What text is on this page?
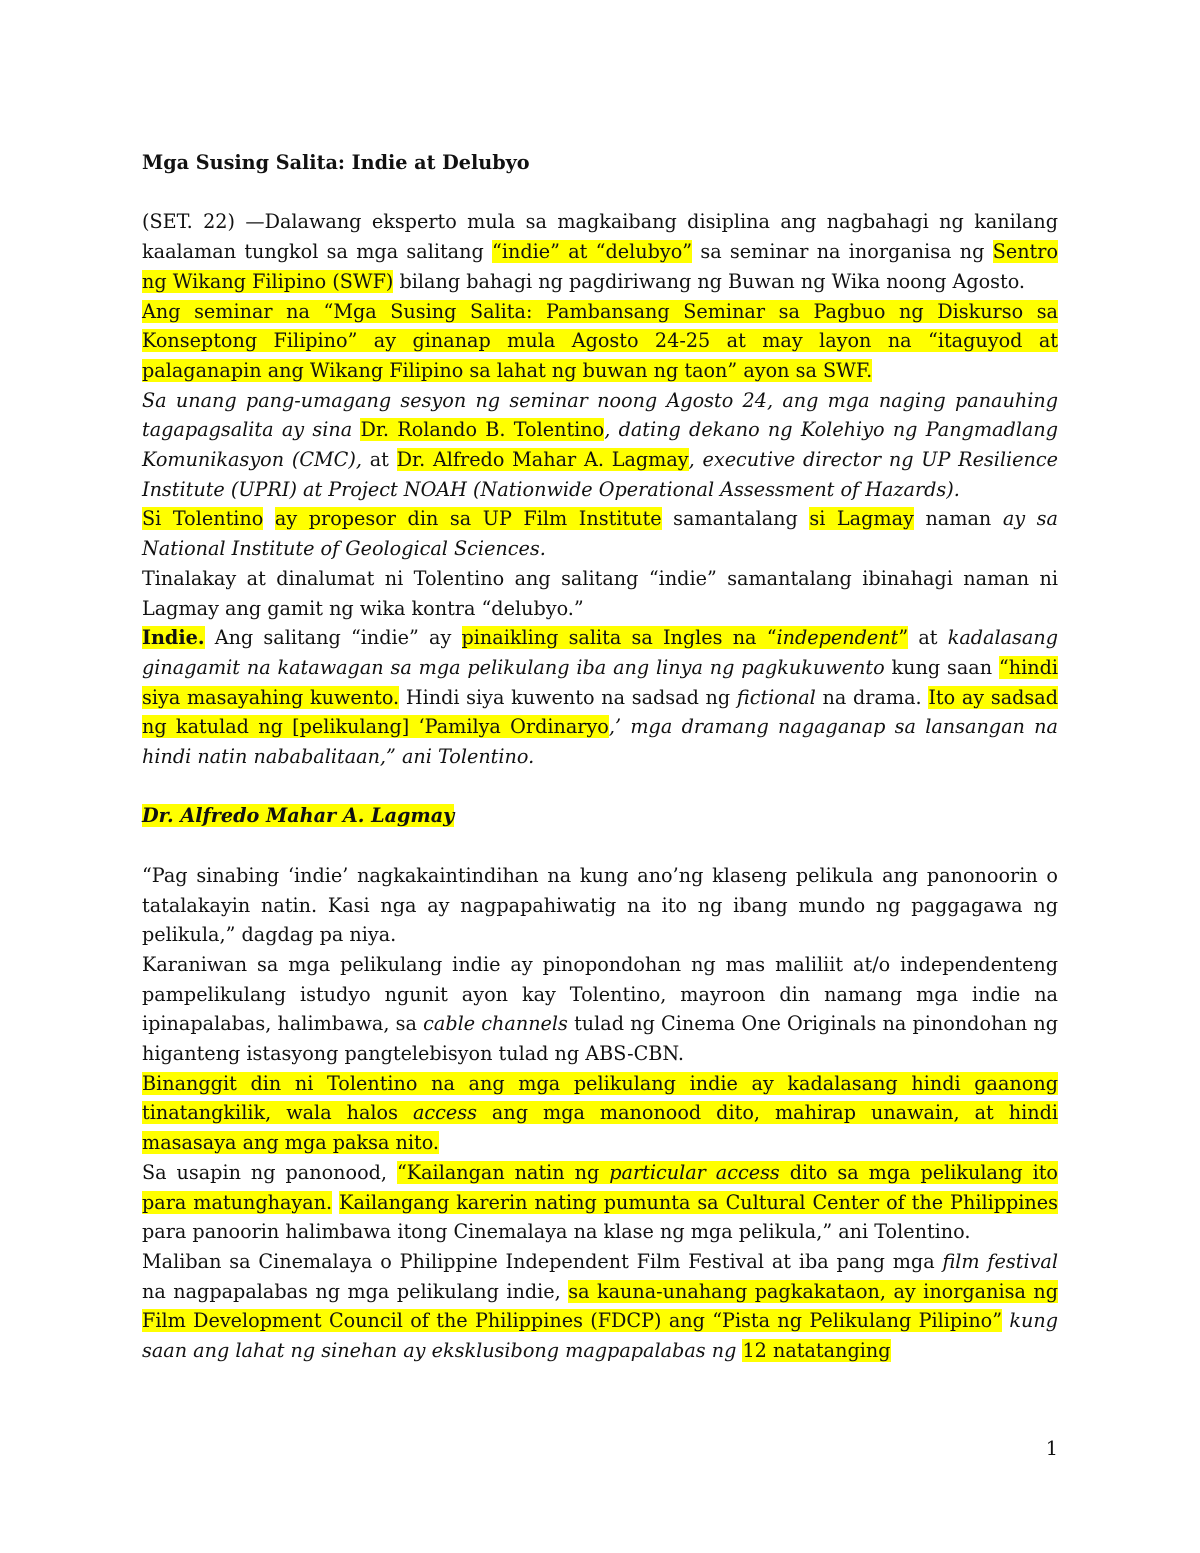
Mga Susing Salita: Indie at Delubyo

(SET. 22) —Dalawang eksperto mula sa magkaibang disiplina ang nagbahagi ng kanilang kaalaman tungkol sa mga salitang “indie” at “delubyo” sa seminar na inorganisa ng Sentro ng Wikang Filipino (SWF) bilang bahagi ng pagdiriwang ng Buwan ng Wika noong Agosto.

Ang seminar na “Mga Susing Salita: Pambansang Seminar sa Pagbuo ng Diskurso sa Konseptong Filipino” ay ginanap mula Agosto 24-25 at may layon na “itaguyod at palaganapin ang Wikang Filipino sa lahat ng buwan ng taon” ayon sa SWF.

Sa unang pang-umagang sesyon ng seminar noong Agosto 24, ang mga naging panauhing tagapagsalita ay sina Dr. Rolando B. Tolentino, dating dekano ng Kolehiyo ng Pangmadlang Komunikasyon (CMC), at Dr. Alfredo Mahar A. Lagmay, executive director ng UP Resilience Institute (UPRI) at Project NOAH (Nationwide Operational Assessment of Hazards).

Si Tolentino ay propesor din sa UP Film Institute samantalang si Lagmay naman ay sa National Institute of Geological Sciences.

Tinalakay at dinalumat ni Tolentino ang salitang “indie” samantalang ibinahagi naman ni Lagmay ang gamit ng wika kontra “delubyo.”

Indie. Ang salitang “indie” ay pinaikling salita sa Ingles na “independent” at kadalasang ginagamit na katawagan sa mga pelikulang iba ang linya ng pagkukuwento kung saan “hindi siya masayahing kuwento. Hindi siya kuwento na sadsad ng fictional na drama. Ito ay sadsad ng katulad ng [pelikulang] ‘Pamilya Ordinaryo,’ mga dramang nagaganap sa lansangan na hindi natin nababalitaan,” ani Tolentino.

Dr. Alfredo Mahar A. Lagmay

“Pag sinabing ‘indie’ nagkakaintindihan na kung ano’ng klaseng pelikula ang panonoorin o tatalakayin natin. Kasi nga ay nagpapahiwatig na ito ng ibang mundo ng paggagawa ng pelikula,” dagdag pa niya.

Karaniwan sa mga pelikulang indie ay pinopondohan ng mas maliliit at/o independenteng pampelikulang istudyo ngunit ayon kay Tolentino, mayroon din namang mga indie na ipinapalabas, halimbawa, sa cable channels tulad ng Cinema One Originals na pinondohan ng higanteng istasyong pangtelebisyon tulad ng ABS-CBN.

Binanggit din ni Tolentino na ang mga pelikulang indie ay kadalasang hindi gaanong tinatangkilik, wala halos access ang mga manonood dito, mahirap unawain, at hindi masasaya ang mga paksa nito.

Sa usapin ng panonood, “Kailangan natin ng particular access dito sa mga pelikulang ito para matunghayan. Kailangang karerin nating pumunta sa Cultural Center of the Philippines para panoorin halimbawa itong Cinemalaya na klase ng mga pelikula,” ani Tolentino.

Maliban sa Cinemalaya o Philippine Independent Film Festival at iba pang mga film festival na nagpapalabas ng mga pelikulang indie, sa kauna-unahang pagkakataon, ay inorganisa ng Film Development Council of the Philippines (FDCP) ang “Pista ng Pelikulang Pilipino” kung saan ang lahat ng sinehan ay eksklusibong magpapalabas ng 12 natatanging

1
